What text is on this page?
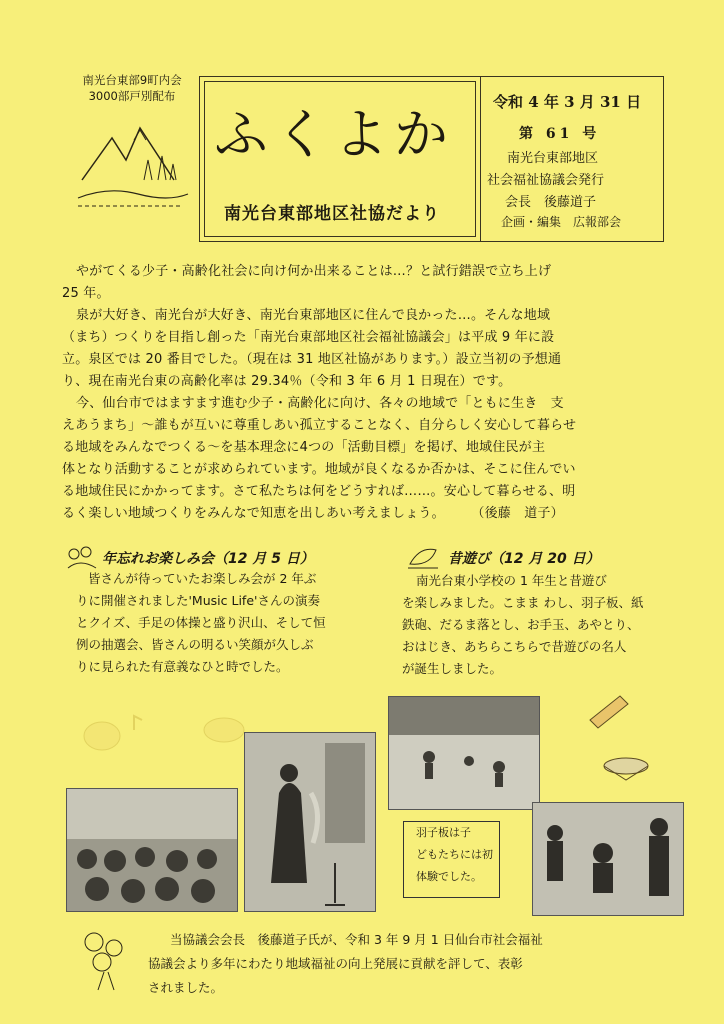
南光台東部9町内会
3000部戸別配布
ふくよか
南光台東部地区社協だより
令和 4 年 3 月 31 日
第 61 号
南光台東部地区
社会福祉協議会発行
会長　後藤道子
企画・編集　広報部会
やがてくる少子・高齢化社会に向け何か出来ることは…？と試行錯誤で立ち上げ
25 年。
泉が大好き、南光台が大好き、南光台東部地区に住んで良かった…。そんな地域
（まち）つくりを目指し創った「南光台東部地区社会福祉協議会」は平成 9 年に設
立。泉区では 20 番目でした。（現在は 31 地区社協があります。）設立当初の予想通
り、現在南光台東の高齢化率は 29.34％（令和 3 年 6 月 1 日現在）です。
今、仙台市ではますます進む少子・高齢化に向け、各々の地域で「ともに生き　支
えあうまち」～誰もが互いに尊重しあい孤立することなく、自分らしく安心して暮らせ
る地域をみんなでつくる～を基本理念に4つの「活動目標」を掲げ、地域住民が主
体となり活動することが求められています。地域が良くなるか否かは、そこに住んでい
る地域住民にかかってます。さて私たちは何をどうすれば……。安心して暮らせる、明
るく楽しい地域つくりをみんなで知恵を出しあい考えましょう。　　　（後藤　道子）
年忘れお楽しみ会（12 月 5 日）
皆さんが待っていたお楽しみ会が 2 年ぶ
りに開催されました'Music Life'さんの演奏
とクイズ、手足の体操と盛り沢山、そして恒
例の抽選会、皆さんの明るい笑顔が久しぶ
りに見られた有意義なひと時でした。
昔遊び（12 月 20 日）
南光台東小学校の 1 年生と昔遊び
を楽しみました。こまま わし、羽子板、紙
鉄砲、だるま落とし、お手玉、あやとり、
おはじき、あちらこちらで昔遊びの名人
が誕生しました。
羽子板は子
どもたちには初
体験でした。
当協議会会長　後藤道子氏が、令和 3 年 9 月 1 日仙台市社会福祉
協議会より多年にわたり地域福祉の向上発展に貢献を評して、表彰
されました。
